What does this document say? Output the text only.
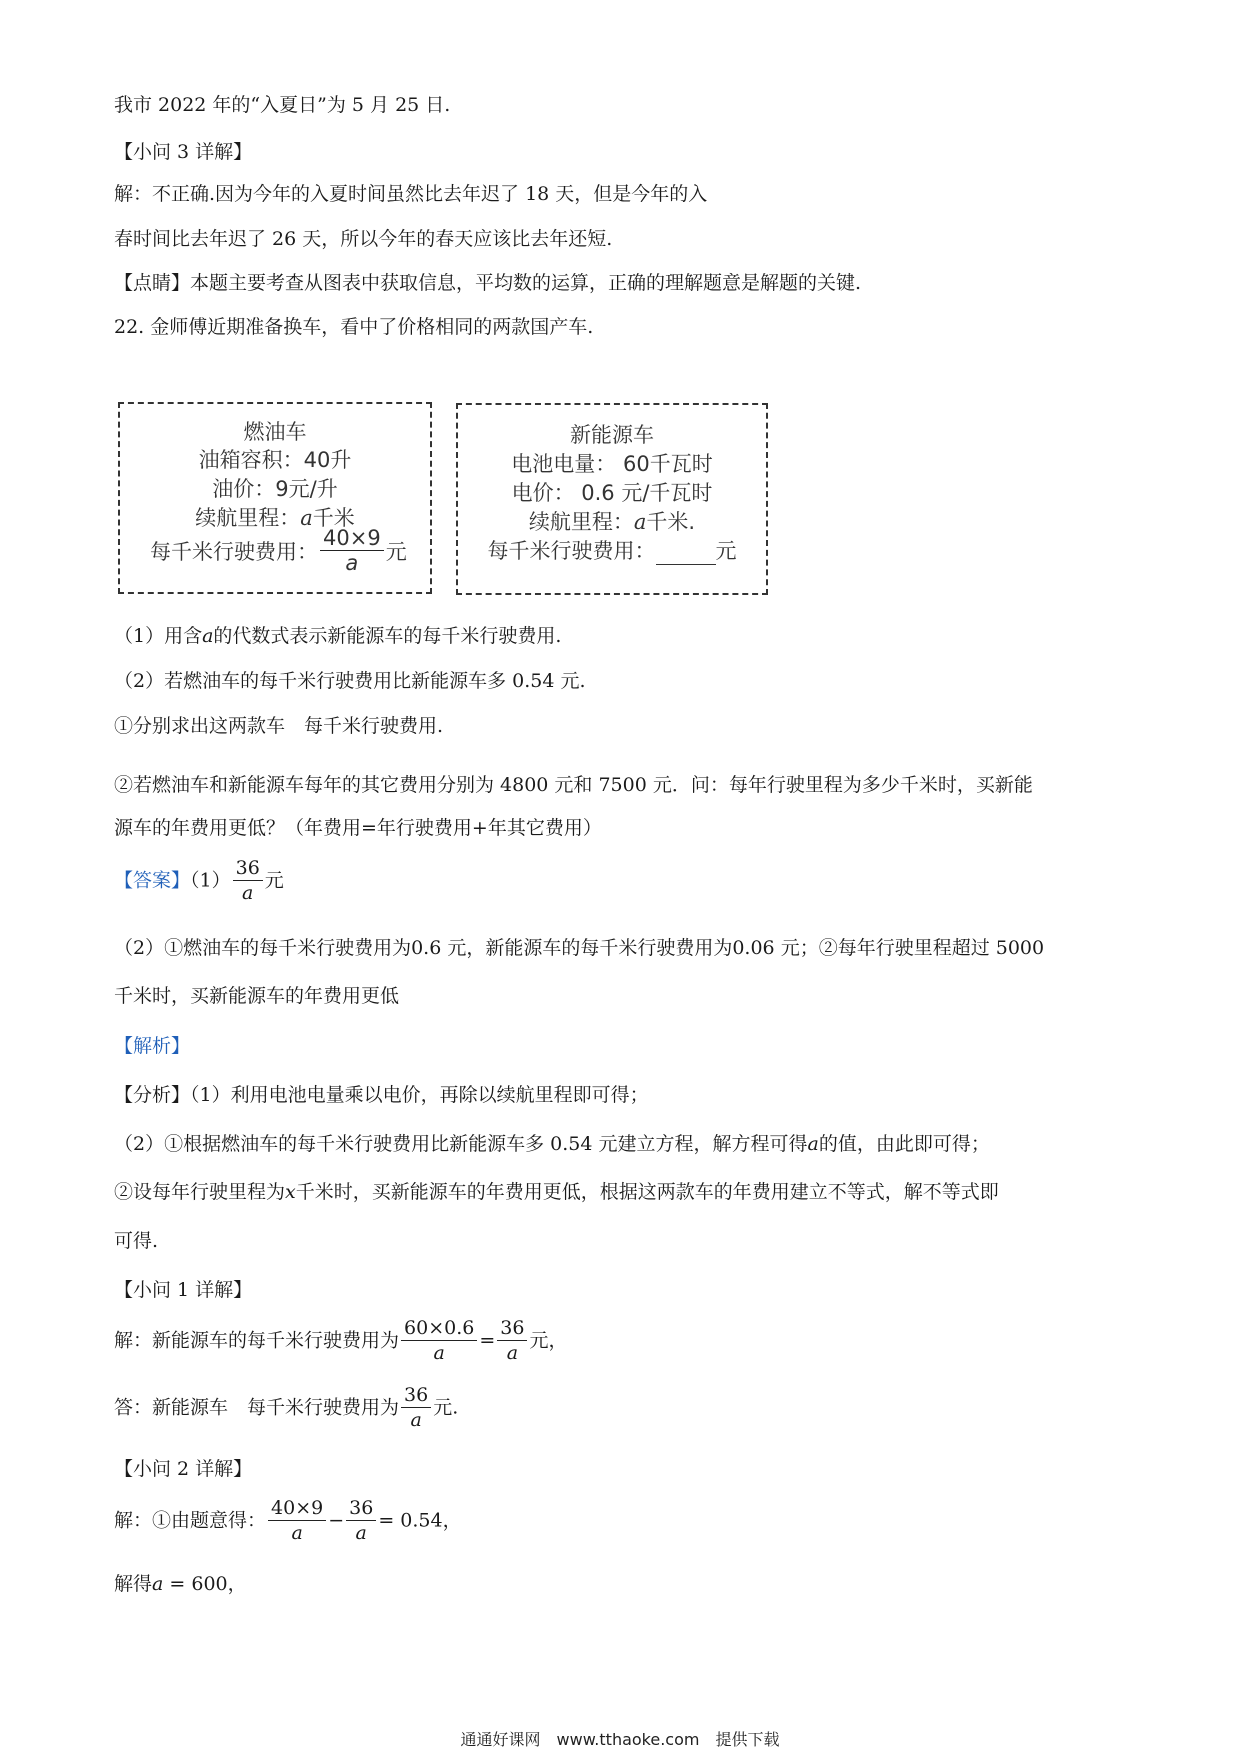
我市 2022 年的“入夏日”为 5 月 25 日.
【小问 3 详解】
解：不正确.因为今年的入夏时间虽然比去年迟了 18 天，但是今年的入
春时间比去年迟了 26 天，所以今年的春天应该比去年还短.
【点睛】本题主要考查从图表中获取信息，平均数的运算，正确的理解题意是解题的关键.
22. 金师傅近期准备换车，看中了价格相同的两款国产车.
燃油车
油箱容积：40升
油价：9元/升
续航里程：a千米
每千米行驶费用： $\frac{40\times 9}{a}$ 元
新能源车
电池电量： 60千瓦时
电价： 0.6 元/千瓦时
续航里程：a千米.
每千米行驶费用：	元
（1）用含a的代数式表示新能源车的每千米行驶费用.
（2）若燃油车的每千米行驶费用比新能源车多 0.54 元.
①分别求出这两款车　每千米行驶费用.
②若燃油车和新能源车每年的其它费用分别为 4800 元和 7500 元．问：每年行驶里程为多少千米时，买新能
源车的年费用更低？（年费用=年行驶费用+年其它费用）
【答案】$(1) \frac{36}{a}$ 元
（2）①燃油车的每千米行驶费用为0.6 元，新能源车的每千米行驶费用为0.06 元；②每年行驶里程超过 5000
千米时，买新能源车的年费用更低
【解析】
【分析】（1）利用电池电量乘以电价，再除以续航里程即可得；
（2）①根据燃油车的每千米行驶费用比新能源车多 0.54 元建立方程，解方程可得a的值，由此即可得；
②设每年行驶里程为x千米时，买新能源车的年费用更低，根据这两款车的年费用建立不等式，解不等式即
可得.
【小问 1 详解】
解：新能源车的每千米行驶费用为 $\frac{60\times 0.6}{a} = \frac{36}{a}$ 元，
答：新能源车　每千米行驶费用为 $\frac{36}{a}$ 元.
【小问 2 详解】
解：①由题意得： $\frac{40\times 9}{a} - \frac{36}{a} = 0.54$，
解得a = 600，
通通好课网　www.tthaoke.com　提供下载
